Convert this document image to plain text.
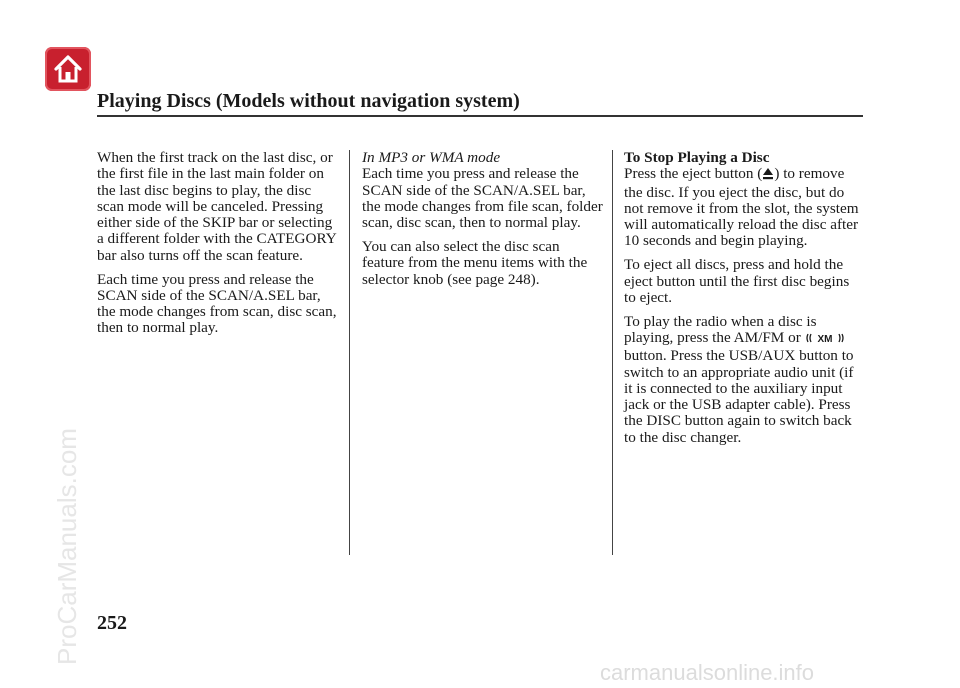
Playing Discs (Models without navigation system)

When the first track on the last disc, or the first file in the last main folder on the last disc begins to play, the disc scan mode will be canceled. Pressing either side of the SKIP bar or selecting a different folder with the CATEGORY bar also turns off the scan feature.

Each time you press and release the SCAN side of the SCAN/A.SEL bar, the mode changes from scan, disc scan, then to normal play.

In MP3 or WMA mode

Each time you press and release the SCAN side of the SCAN/A.SEL bar, the mode changes from file scan, folder scan, disc scan, then to normal play.

You can also select the disc scan feature from the menu items with the selector knob (see page 248).

To Stop Playing a Disc

Press the eject button ( ) to remove the disc. If you eject the disc, but do not remove it from the slot, the system will automatically reload the disc after 10 seconds and begin playing.

To eject all discs, press and hold the eject button until the first disc begins to eject.

To play the radio when a disc is playing, press the AM/FM or XM
button. Press the USB/AUX button to switch to an appropriate audio unit (if it is connected to the auxiliary input jack or the USB adapter cable). Press the DISC button again to switch back to the disc changer.

252

ProCarManuals.com
carmanualsonline.info
